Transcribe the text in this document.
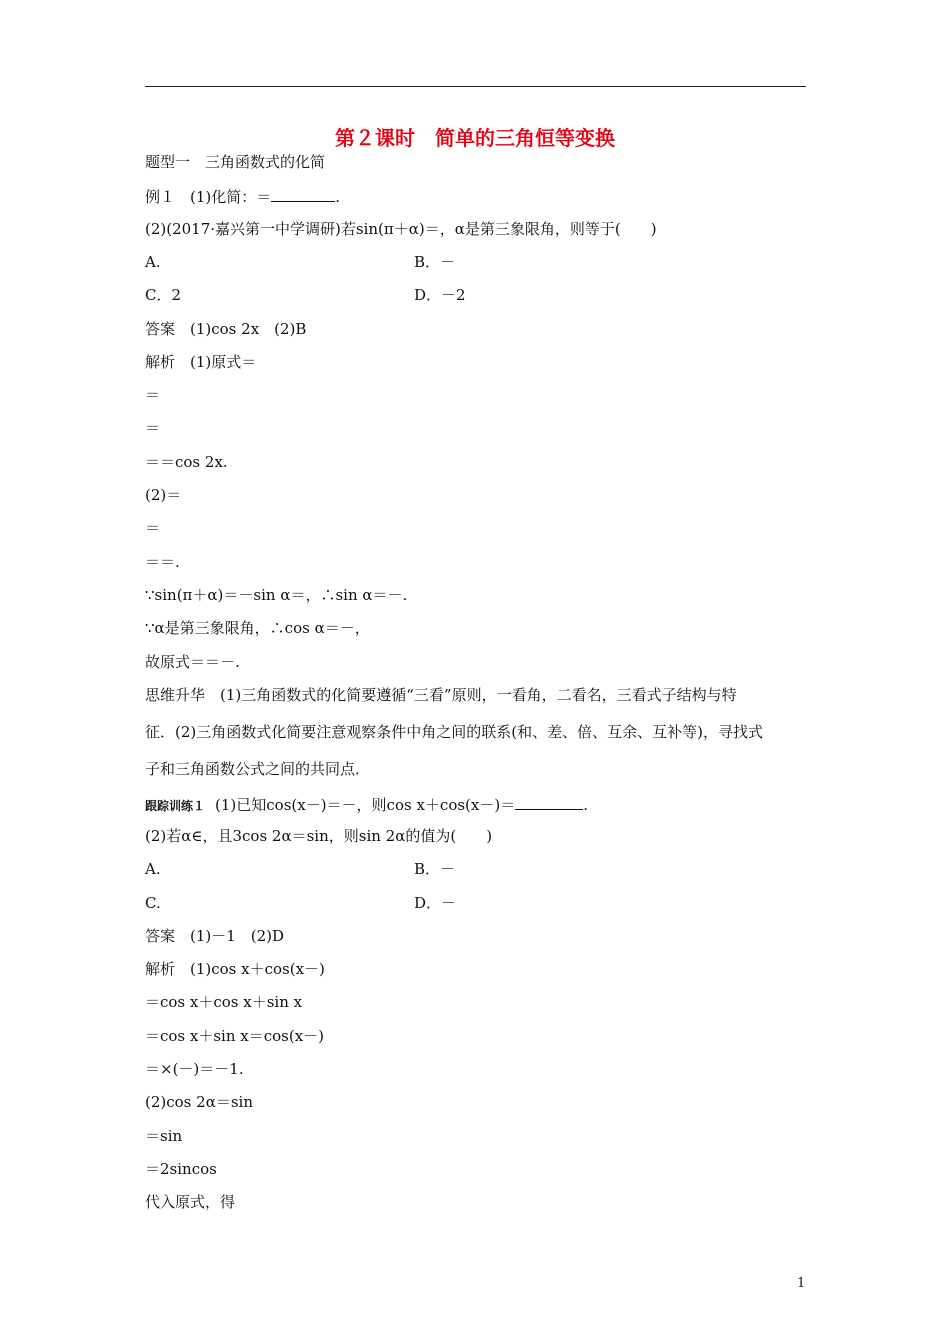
第２课时　简单的三角恒等变换
题型一　三角函数式的化简
例１　(1)化简：＝	.
(2)(2017·嘉兴第一中学调研)若sin(π＋α)＝，α是第三象限角，则等于(　　)
A.	B．－
C．2	D．－2
答案　(1)cos 2x　(2)B
解析　(1)原式＝
＝
＝
＝＝cos 2x.
(2)＝
＝
＝＝.
∵sin(π＋α)＝－sin α＝，∴sin α＝－.
∵α是第三象限角，∴cos α＝－，
故原式＝＝－.
思维升华　(1)三角函数式的化简要遵循“三看”原则，一看角，二看名，三看式子结构与特
征．(2)三角函数式化简要注意观察条件中角之间的联系(和、差、倍、互余、互补等)，寻找式
子和三角函数公式之间的共同点．
跟踪训练１ (1)已知cos(x－)＝－，则cos x＋cos(x－)＝	.
(2)若α∈，且3cos 2α＝sin，则sin 2α的值为(　　)
A.	B．－
C.	D．－
答案　(1)－1　(2)D
解析　(1)cos x＋cos(x－)
＝cos x＋cos x＋sin x
＝cos x＋sin x＝cos(x－)
＝×(－)＝－1.
(2)cos 2α＝sin
＝sin
＝2sincos
代入原式，得
1
